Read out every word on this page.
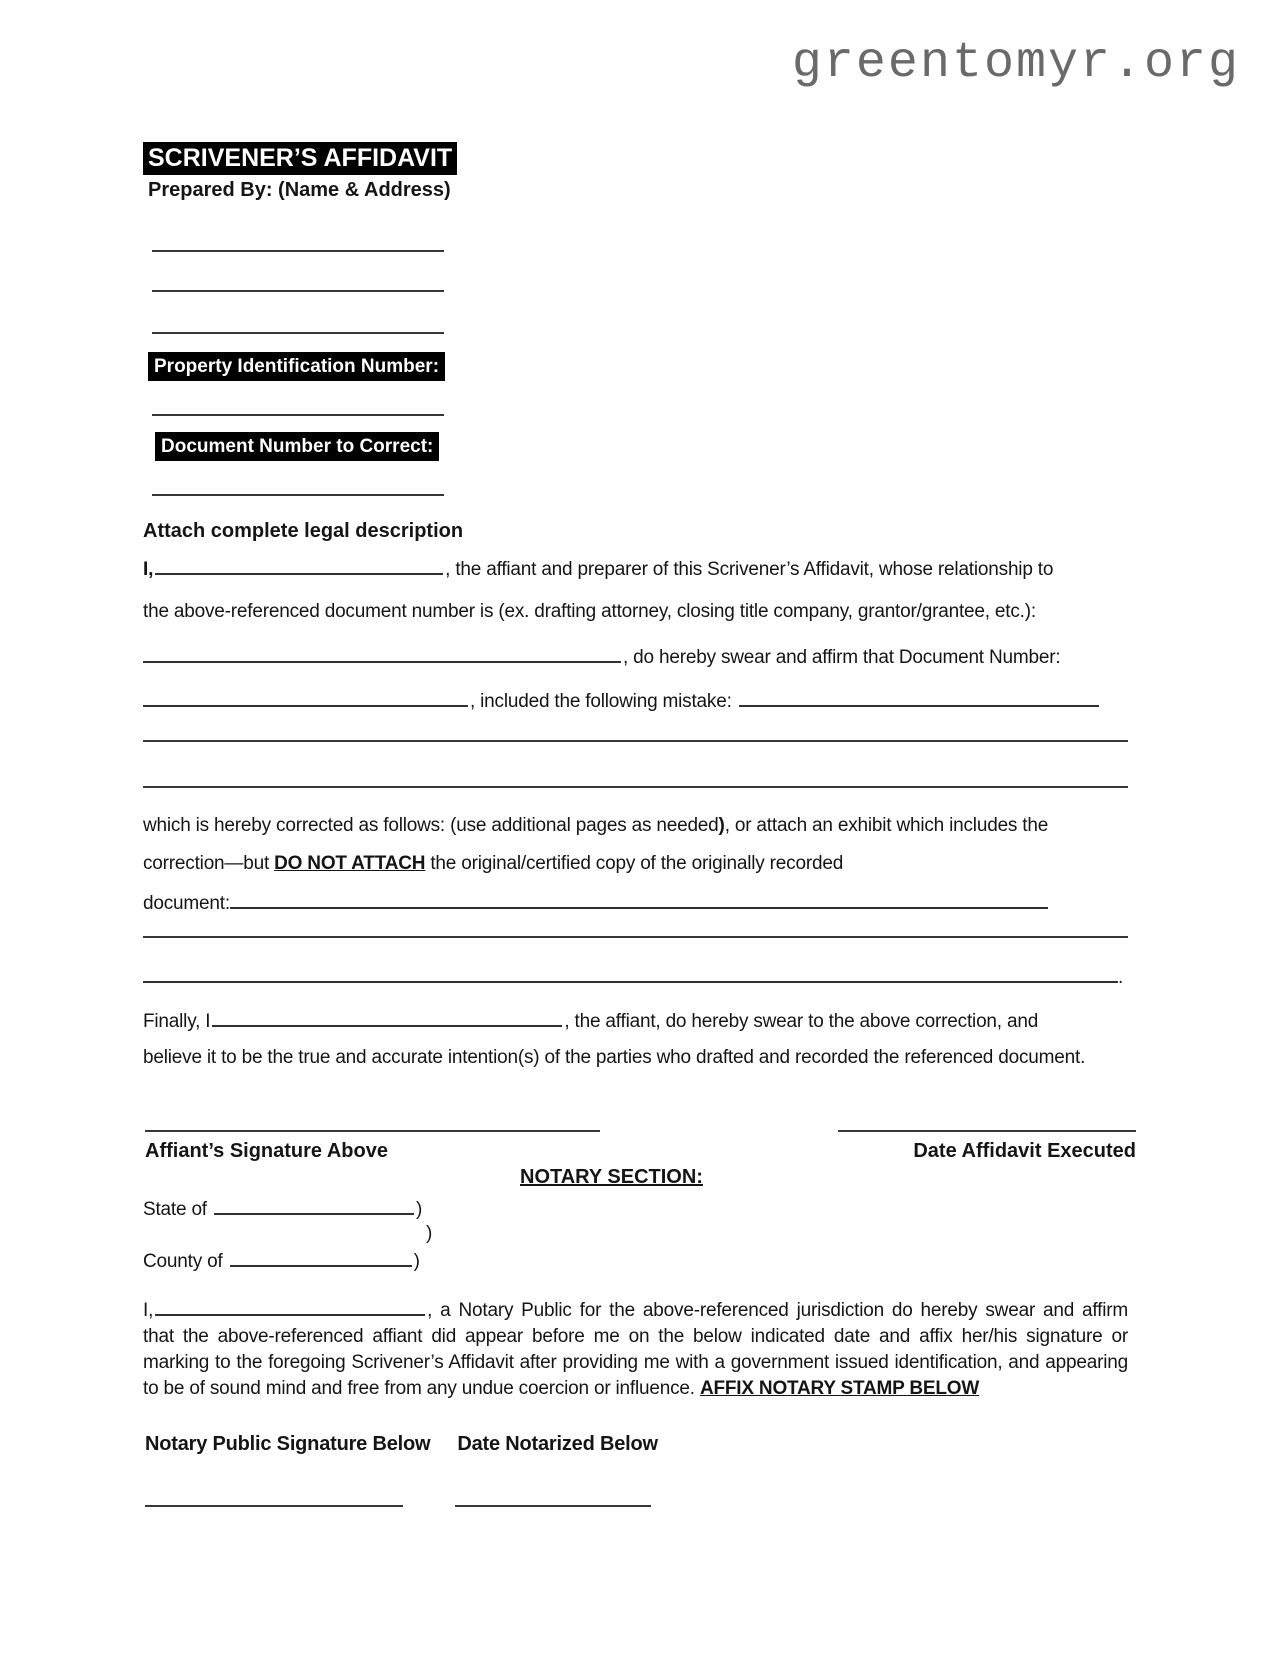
greentomyr.org
SCRIVENER’S AFFIDAVIT
Prepared By: (Name & Address)
Property Identification Number:
Document Number to Correct:
Attach complete legal description
I,	, the affiant and preparer of this Scrivener’s Affidavit, whose relationship to
the above-referenced document number is (ex. drafting attorney, closing title company, grantor/grantee, etc.):
, do hereby swear and affirm that Document Number:
, included the following mistake:
which is hereby corrected as follows: (use additional pages as needed), or attach an exhibit which includes the
correction—but DO NOT ATTACH the original/certified copy of the originally recorded
document:
.
Finally, I	, the affiant, do hereby swear to the above correction, and
believe it to be the true and accurate intention(s) of the parties who drafted and recorded the referenced document.
Affiant’s Signature Above	Date Affidavit Executed
NOTARY SECTION:
State of	)
)
County of	)
I,	, a Notary Public for the above-referenced jurisdiction do hereby swear and affirm that the above-referenced affiant did appear before me on the below indicated date and affix her/his signature or marking to the foregoing Scrivener’s Affidavit after providing me with a government issued identification, and appearing to be of sound mind and free from any undue coercion or influence. AFFIX NOTARY STAMP BELOW
Notary Public Signature Below Date Notarized Below
